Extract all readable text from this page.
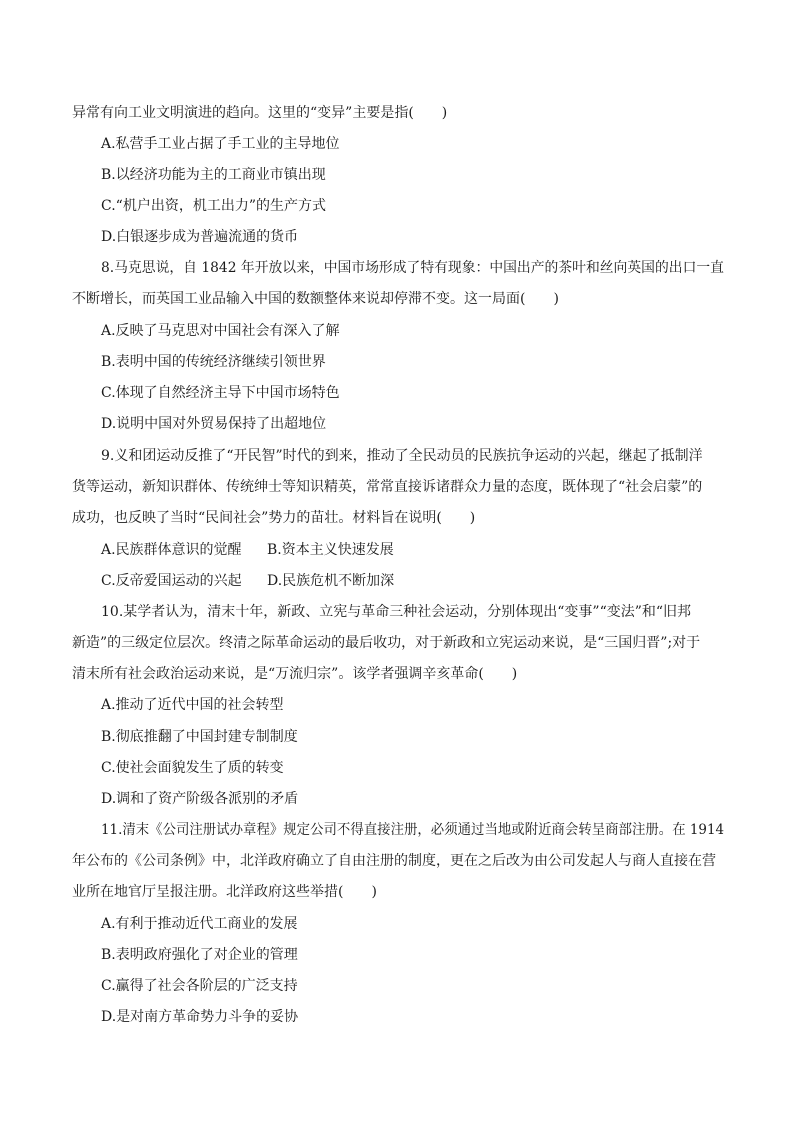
异常有向工业文明演进的趋向。这里的“变异”主要是指(　　)
A.私营手工业占据了手工业的主导地位
B.以经济功能为主的工商业市镇出现
C.“机户出资，机工出力”的生产方式
D.白银逐步成为普遍流通的货币
8.马克思说，自 1842 年开放以来，中国市场形成了特有现象：中国出产的茶叶和丝向英国的出口一直
不断增长，而英国工业品输入中国的数额整体来说却停滞不变。这一局面(　　)
A.反映了马克思对中国社会有深入了解
B.表明中国的传统经济继续引领世界
C.体现了自然经济主导下中国市场特色
D.说明中国对外贸易保持了出超地位
9.义和团运动反推了“开民智”时代的到来，推动了全民动员的民族抗争运动的兴起，继起了抵制洋
货等运动，新知识群体、传统绅士等知识精英，常常直接诉诸群众力量的态度，既体现了“社会启蒙”的
成功，也反映了当时“民间社会”势力的苗壮。材料旨在说明(　　)
A.民族群体意识的觉醒 B.资本主义快速发展
C.反帝爱国运动的兴起 D.民族危机不断加深
10.某学者认为，清末十年，新政、立宪与革命三种社会运动，分别体现出“变事”“变法”和“旧邦
新造”的三级定位层次。终清之际革命运动的最后收功，对于新政和立宪运动来说，是“三国归晋”;对于
清末所有社会政治运动来说，是“万流归宗”。该学者强调辛亥革命(　　)
A.推动了近代中国的社会转型
B.彻底推翻了中国封建专制制度
C.使社会面貌发生了质的转变
D.调和了资产阶级各派别的矛盾
11.清末《公司注册试办章程》规定公司不得直接注册，必须通过当地或附近商会转呈商部注册。在 1914
年公布的《公司条例》中，北洋政府确立了自由注册的制度，更在之后改为由公司发起人与商人直接在营
业所在地官厅呈报注册。北洋政府这些举措(　　)
A.有利于推动近代工商业的发展
B.表明政府强化了对企业的管理
C.赢得了社会各阶层的广泛支持
D.是对南方革命势力斗争的妥协
